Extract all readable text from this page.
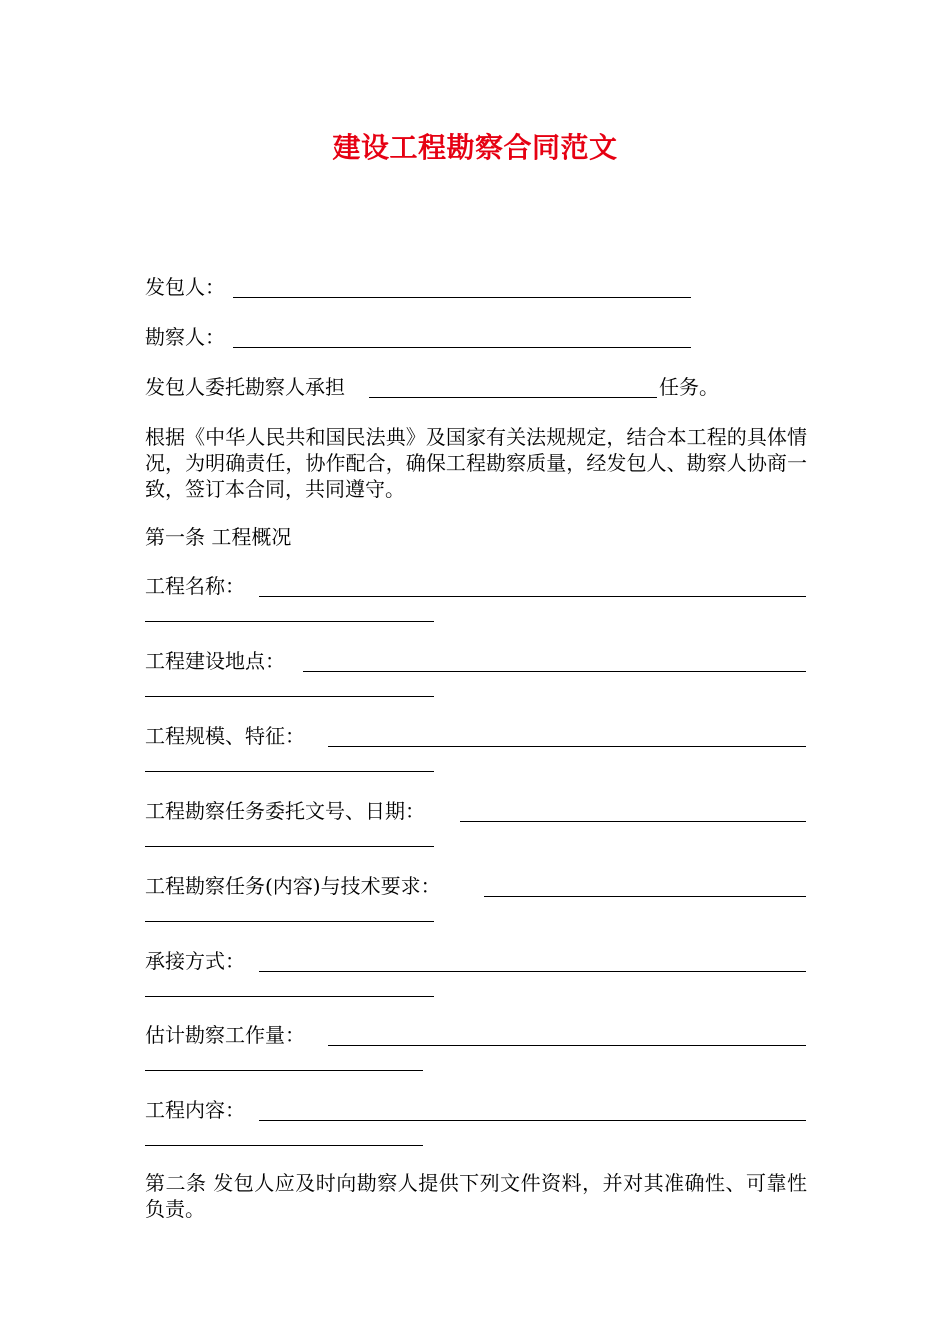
建设工程勘察合同范文
发包人：
勘察人：
发包人委托勘察人承担	任务。
根据《中华人民共和国民法典》及国家有关法规规定，结合本工程的具体情况，为明确责任，协作配合，确保工程勘察质量，经发包人、勘察人协商一致，签订本合同，共同遵守。
第一条 工程概况
工程名称：
工程建设地点：
工程规模、特征：
工程勘察任务委托文号、日期：
工程勘察任务(内容)与技术要求：
承接方式：
估计勘察工作量：
工程内容：
第二条 发包人应及时向勘察人提供下列文件资料，并对其准确性、可靠性负责。
